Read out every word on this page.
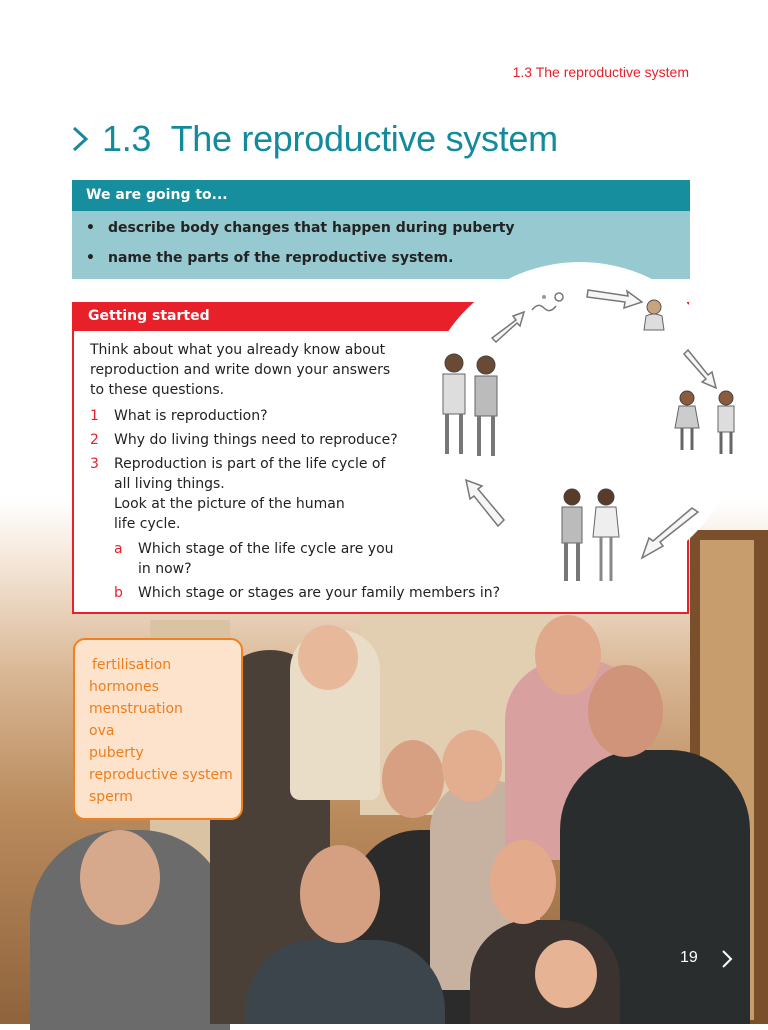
1.3 The reproductive system
1.3 The reproductive system
We are going to...
• describe body changes that happen during puberty
• name the parts of the reproductive system.
Getting started
Think about what you already know about
reproduction and write down your answers
to these questions.
1 What is reproduction?
2 Why do living things need to reproduce?
3 Reproduction is part of the life cycle of
all living things.
Look at the picture of the human
life cycle.
a Which stage of the life cycle are you
in now?
b Which stage or stages are your family members in?
fertilisation
hormones
menstruation
ova
puberty
reproductive system
sperm
19
